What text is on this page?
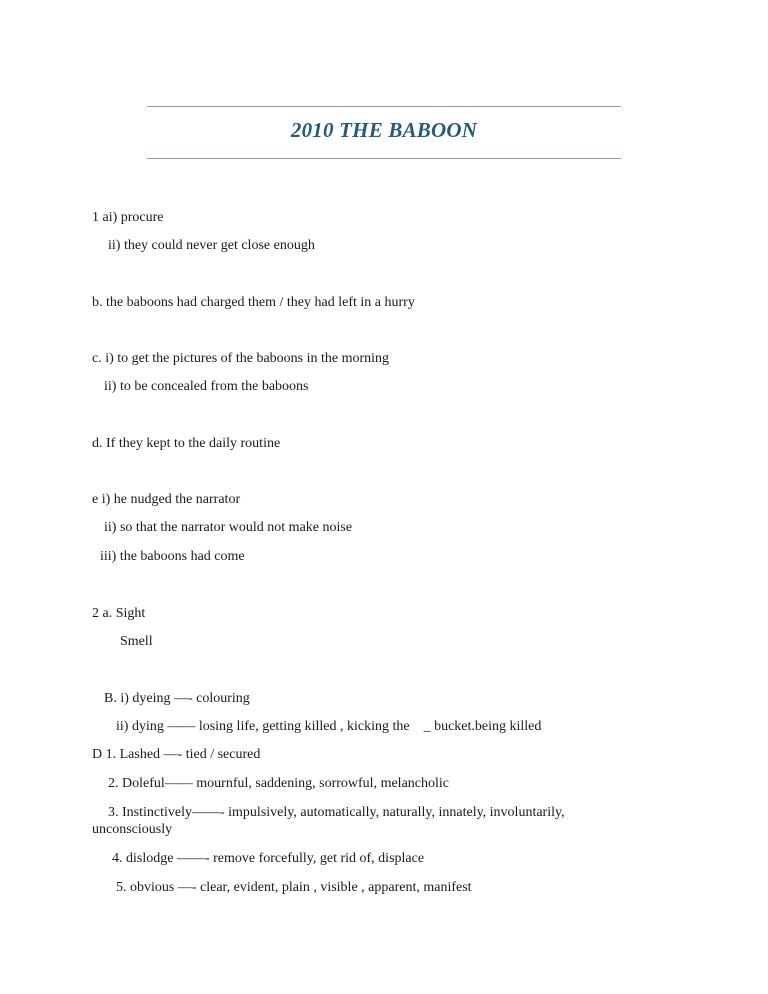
2010 THE BABOON
1 ai) procure
ii) they could never get close enough
b. the baboons had charged them / they had left in a hurry
c. i) to get the pictures of the baboons in the morning
ii) to be concealed from the baboons
d. If they kept to the daily routine
e i) he nudged the narrator
ii) so that the narrator would not make noise
iii) the baboons had come
2 a. Sight
Smell
B. i) dyeing —- colouring
ii) dying —— losing life, getting killed , kicking the    _ bucket.being killed
D 1. Lashed —- tied / secured
2. Doleful—— mournful, saddening, sorrowful, melancholic
3. Instinctively——- impulsively, automatically, naturally, innately, involuntarily, unconsciously
4. dislodge ——- remove forcefully, get rid of, displace
5. obvious —- clear, evident, plain , visible , apparent, manifest
